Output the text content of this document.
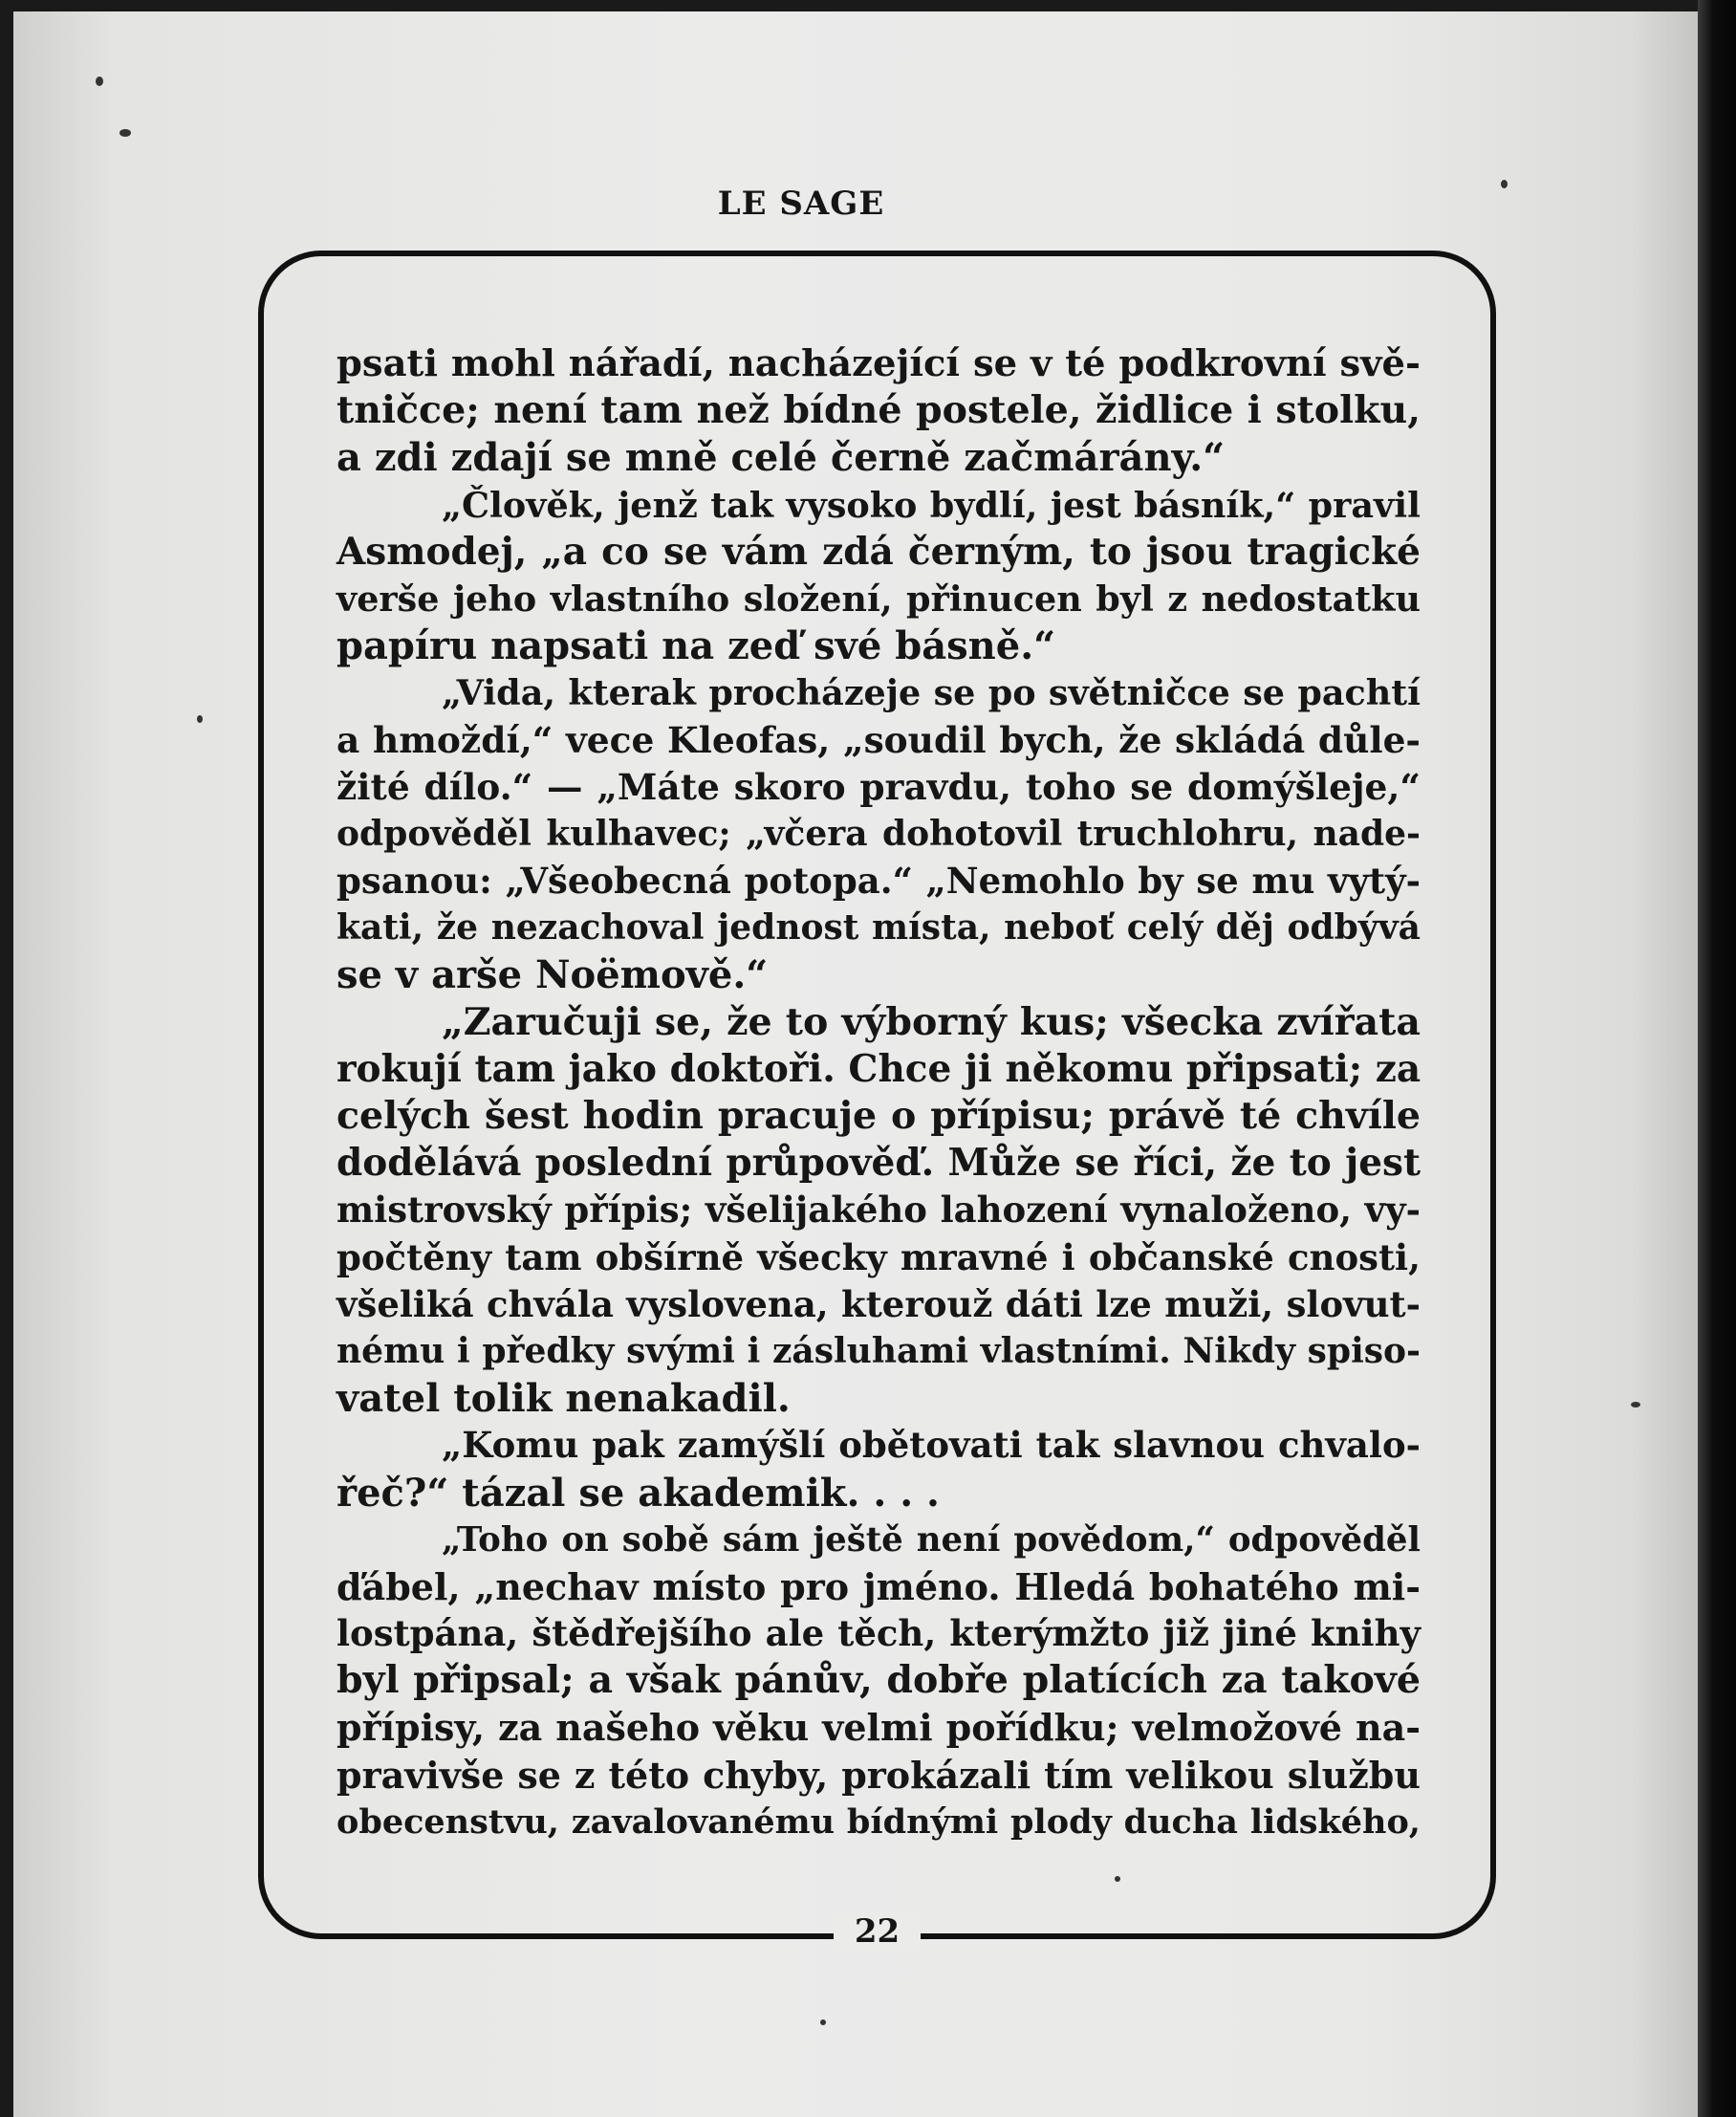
LE SAGE
psati mohl nářadí, nacházející se v té podkrovní svě-
tničce; není tam než bídné postele, židlice i stolku,
a zdi zdají se mně celé černě začmárány.“
„Člověk, jenž tak vysoko bydlí, jest básník,“ pravil
Asmodej, „a co se vám zdá černým, to jsou tragické
verše jeho vlastního složení, přinucen byl z nedostatku
papíru napsati na zeď své básně.“
„Vida, kterak procházeje se po světničce se pachtí
a hmoždí,“ vece Kleofas, „soudil bych, že skládá důle-
žité dílo.“ — „Máte skoro pravdu, toho se domýšleje,“
odpověděl kulhavec; „včera dohotovil truchlohru, nade-
psanou: „Všeobecná potopa.“ „Nemohlo by se mu vytý-
kati, že nezachoval jednost místa, neboť celý děj odbývá
se v arše Noëmově.“
„Zaručuji se, že to výborný kus; všecka zvířata
rokují tam jako doktoři. Chce ji někomu připsati; za
celých šest hodin pracuje o přípisu; právě té chvíle
dodělává poslední průpověď. Může se říci, že to jest
mistrovský přípis; všelijakého lahození vynaloženo, vy-
počtěny tam obšírně všecky mravné i občanské cnosti,
všeliká chvála vyslovena, kterouž dáti lze muži, slovut-
nému i předky svými i zásluhami vlastními. Nikdy spiso-
vatel tolik nenakadil.
„Komu pak zamýšlí obětovati tak slavnou chvalo-
řeč?“ tázal se akademik. . . .
„Toho on sobě sám ještě není povědom,“ odpověděl
ďábel, „nechav místo pro jméno. Hledá bohatého mi-
lostpána, štědřejšího ale těch, kterýmžto již jiné knihy
byl připsal; a však pánův, dobře platících za takové
přípisy, za našeho věku velmi pořídku; velmožové na-
pravivše se z této chyby, prokázali tím velikou službu
obecenstvu, zavalovanému bídnými plody ducha lidského,
22
